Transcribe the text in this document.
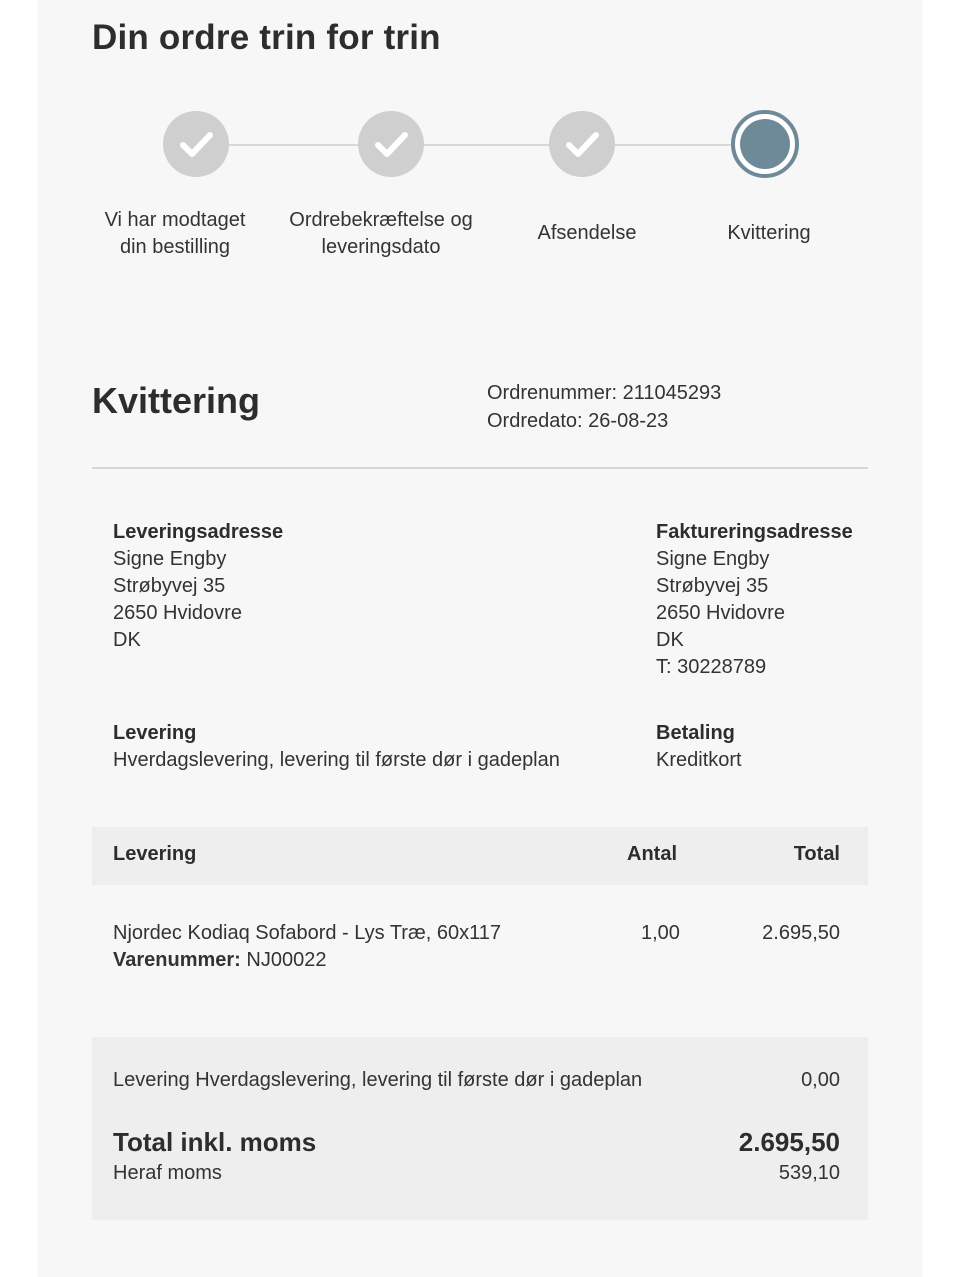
Din ordre trin for trin
Vi har modtaget
din bestilling
Ordrebekræftelse og
leveringsdato
Afsendelse	Kvittering
Kvittering	Ordrenummer: 211045293
Ordredato: 26-08-23
Leveringsadresse
Signe Engby
Strøbyvej 35
2650 Hvidovre
DK
Faktureringsadresse
Signe Engby
Strøbyvej 35
2650 Hvidovre
DK
T: 30228789
Levering
Hverdagslevering, levering til første dør i gadeplan
Betaling
Kreditkort
Levering	Antal	Total
Njordec Kodiaq Sofabord - Lys Træ, 60x117
Varenummer: NJ00022
1,00	2.695,50
Levering Hverdagslevering, levering til første dør i gadeplan	0,00
Total inkl. moms	2.695,50
Heraf moms	539,10
